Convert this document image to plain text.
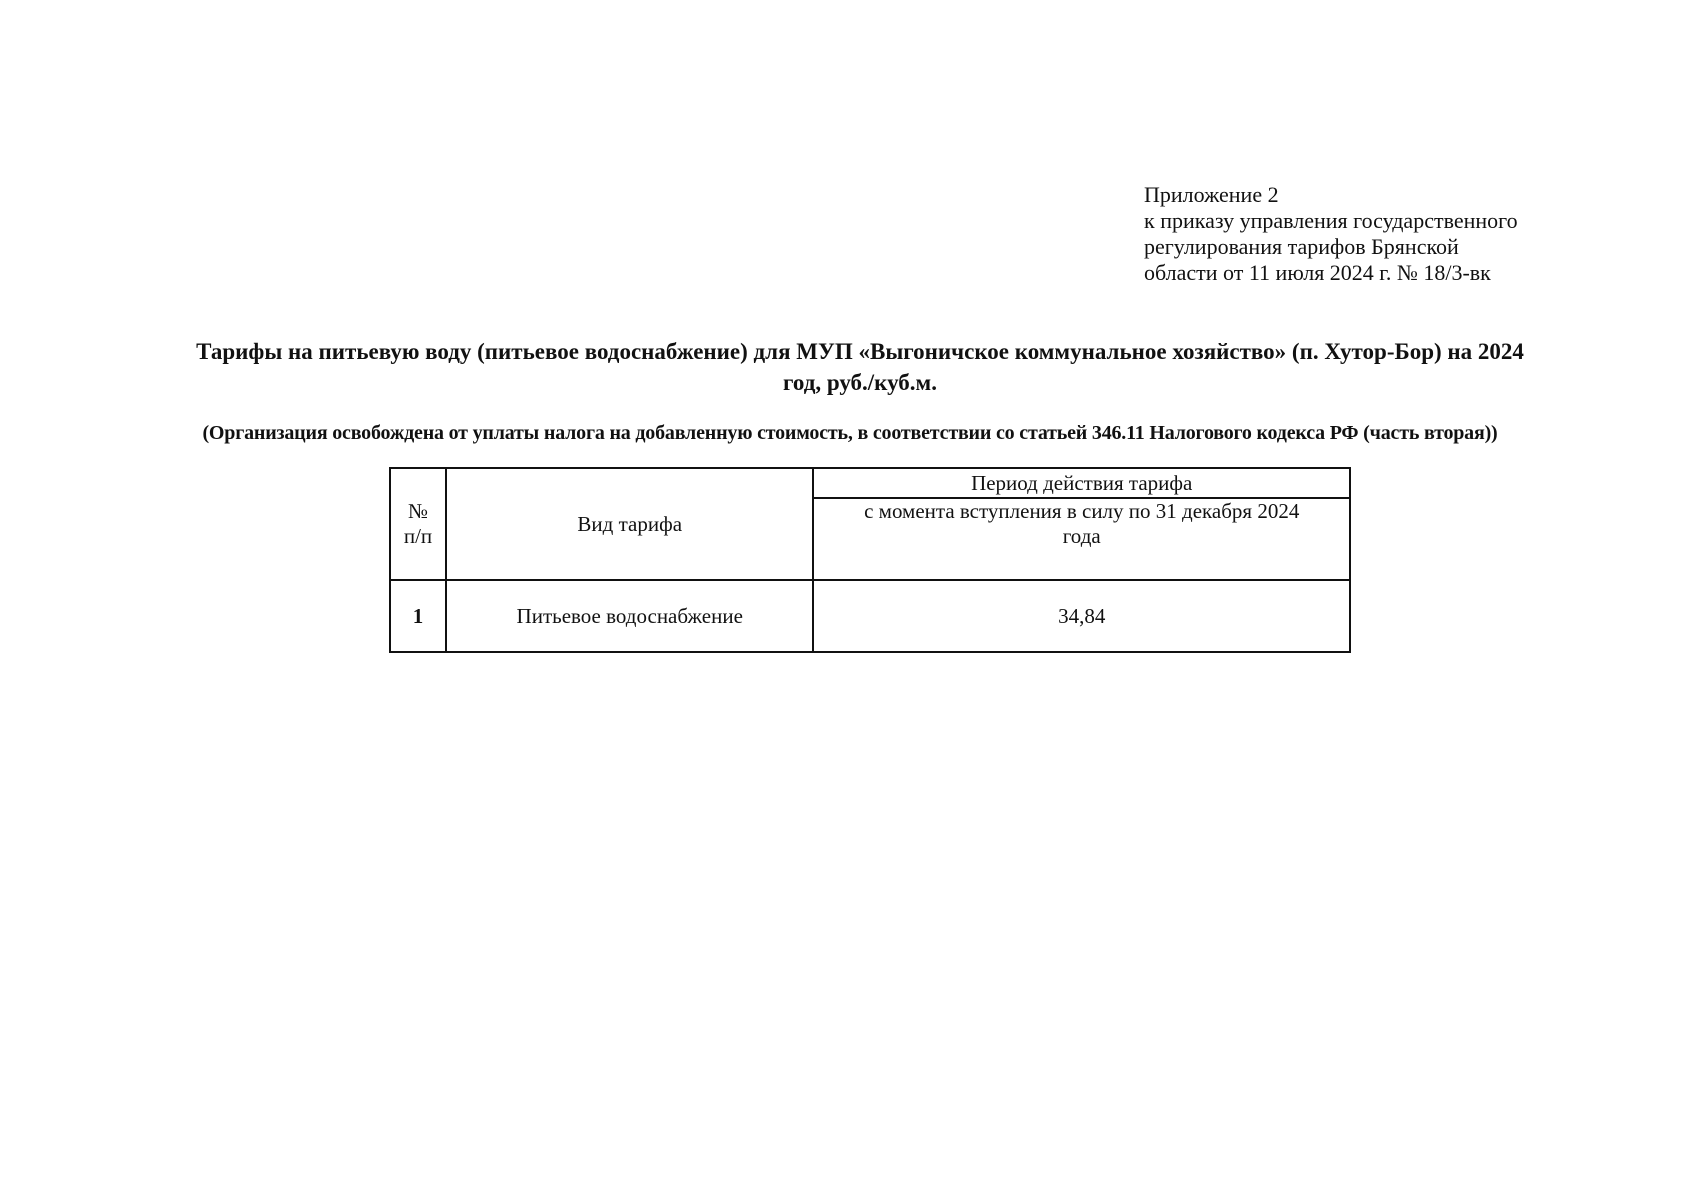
Приложение 2
к приказу управления государственного
регулирования тарифов Брянской
области от 11 июля 2024 г. № 18/3-вк
Тарифы на питьевую воду (питьевое водоснабжение) для МУП «Выгоничское коммунальное хозяйство» (п. Хутор-Бор) на 2024
год, руб./куб.м.
(Организация освобождена от уплаты налога на добавленную стоимость, в соответствии со статьей 346.11 Налогового кодекса РФ (часть вторая))
№
п/п	Вид тарифа	Период действия тарифа

		с момента вступления в силу по 31 декабря 2024
года

1	Питьевое водоснабжение	34,84
